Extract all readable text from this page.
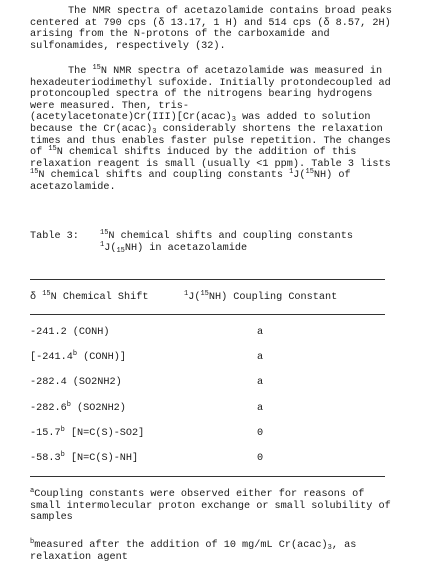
The NMR spectra of acetazolamide contains broad peaks
centered at 790 cps (δ 13.17, 1 H) and 514 cps (δ 8.57, 2H)
arising from the N-protons of the carboxamide and
sulfonamides, respectively (32).
The $^{15}$N NMR spectra of acetazolamide was measured in
hexadeuteriodimethyl sufoxide. Initially protondecoupled ad
protoncoupled spectra of the nitrogens bearing hydrogens
were measured. Then, tris-
$(acetylacetonate)Cr(III)[Cr(acac)_3$ was added to solution
because the $Cr(acac)_3$ considerably shortens the relaxation
times and thus enables faster pulse repetition. The changes
of $^{15}$N chemical shifts induced by the addition of this
relaxation reagent is small (usually <1 ppm). Table 3 lists
$^{15}$N chemical shifts and coupling constants $^1$J($^{15}$NH) of
acetazolamide.
Table 3:	$^{15}$N chemical shifts and coupling constants
$^1J(_{15}NH)$ in acetazolamide
δ $^{15}$N Chemical Shift	$^1$J($^{15}$NH) Coupling Constant
-241.2 (CONH)	a
[-241.4$^b$ (CONH)]	a
-282.4 (SO2NH2)	a
-282.6$^b$ (SO2NH2)	a
-15.7$^b$ [N=C(S)-SO2]	0
-58.3$^b$ [N=C(S)-NH]	0
$^a$Coupling constants were observed either for reasons of
small intermolecular proton exchange or small solubility of
samples
$^b$measured after the addition of 10 mg/mL $Cr(acac)_3$, as
relaxation agent
